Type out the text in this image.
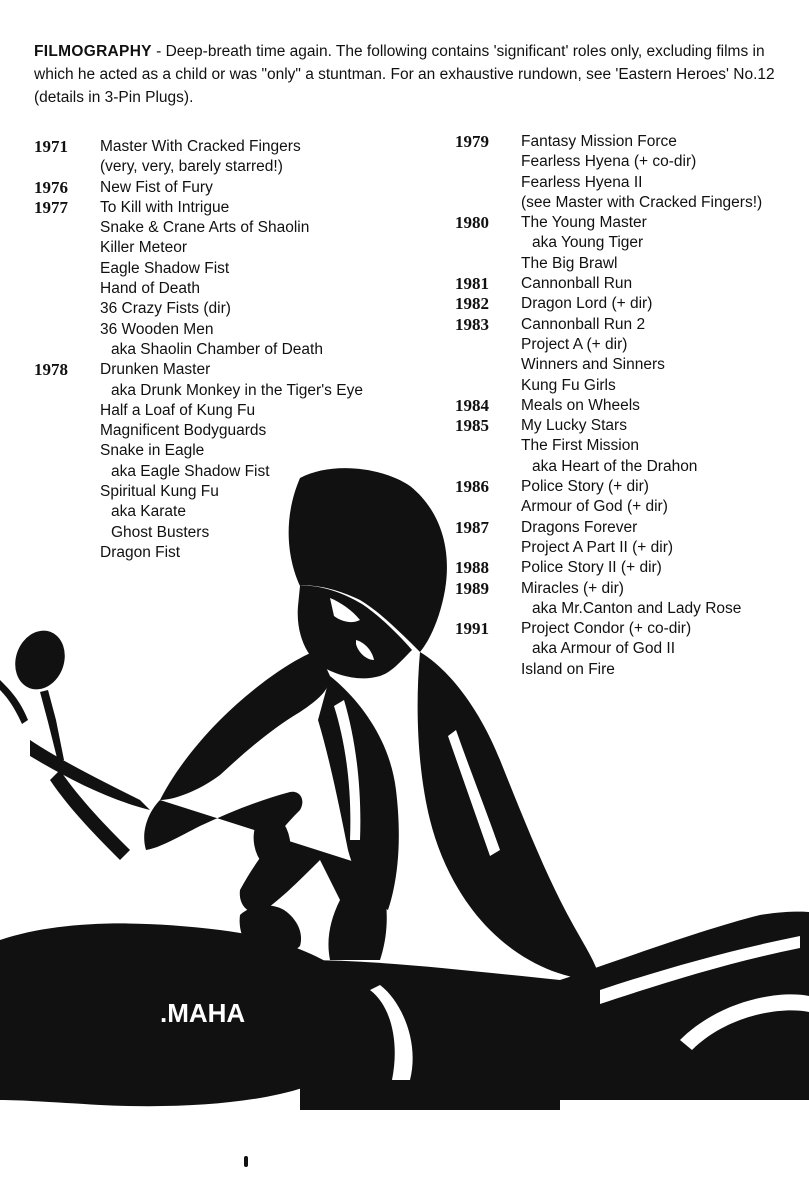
.MAHA
FILMOGRAPHY - Deep-breath time again. The following contains 'significant' roles only, excluding films in which he acted as a child or was "only" a stuntman. For an exhaustive rundown, see 'Eastern Heroes' No.12 (details in 3-Pin Plugs).
1971	Master With Cracked Fingers
(very, very, barely starred!)
1976	New Fist of Fury
1977	To Kill with Intrigue
Snake & Crane Arts of Shaolin
Killer Meteor
Eagle Shadow Fist
Hand of Death
36 Crazy Fists (dir)
36 Wooden Men
aka Shaolin Chamber of Death
1978	Drunken Master
aka Drunk Monkey in the Tiger's Eye
Half a Loaf of Kung Fu
Magnificent Bodyguards
Snake in Eagle
aka Eagle Shadow Fist
Spiritual Kung Fu
aka Karate
Ghost Busters
Dragon Fist
1979	Fantasy Mission Force
Fearless Hyena (+ co-dir)
Fearless Hyena II
(see Master with Cracked Fingers!)
1980	The Young Master
aka Young Tiger
The Big Brawl
1981	Cannonball Run
1982	Dragon Lord (+ dir)
1983	Cannonball Run 2
Project A (+ dir)
Winners and Sinners
Kung Fu Girls
1984	Meals on Wheels
1985	My Lucky Stars
The First Mission
aka Heart of the Drahon
1986	Police Story (+ dir)
Armour of God (+ dir)
1987	Dragons Forever
Project A Part II (+ dir)
1988	Police Story II (+ dir)
1989	Miracles (+ dir)
aka Mr.Canton and Lady Rose
1991	Project Condor (+ co-dir)
aka Armour of God II
Island on Fire
